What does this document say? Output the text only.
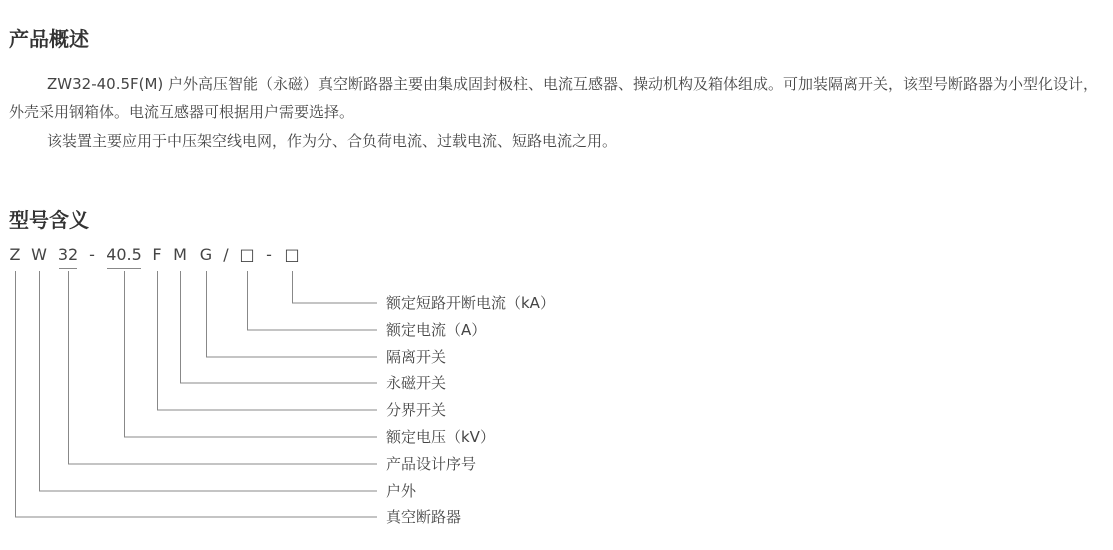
产品概述

ZW32-40.5F(M) 户外高压智能（永磁）真空断路器主要由集成固封极柱、电流互感器、操动机构及箱体组成。可加装隔离开关，该型号断路器为小型化设计，外壳采用钢箱体。电流互感器可根据用户需要选择。

该装置主要应用于中压架空线电网，作为分、合负荷电流、过载电流、短路电流之用。

型号含义
Z W 32 - 40.5 F M G / □ - □
额定短路开断电流（kA）
额定电流（A）
隔离开关
永磁开关
分界开关
额定电压（kV）
产品设计序号
户外
真空断路器
